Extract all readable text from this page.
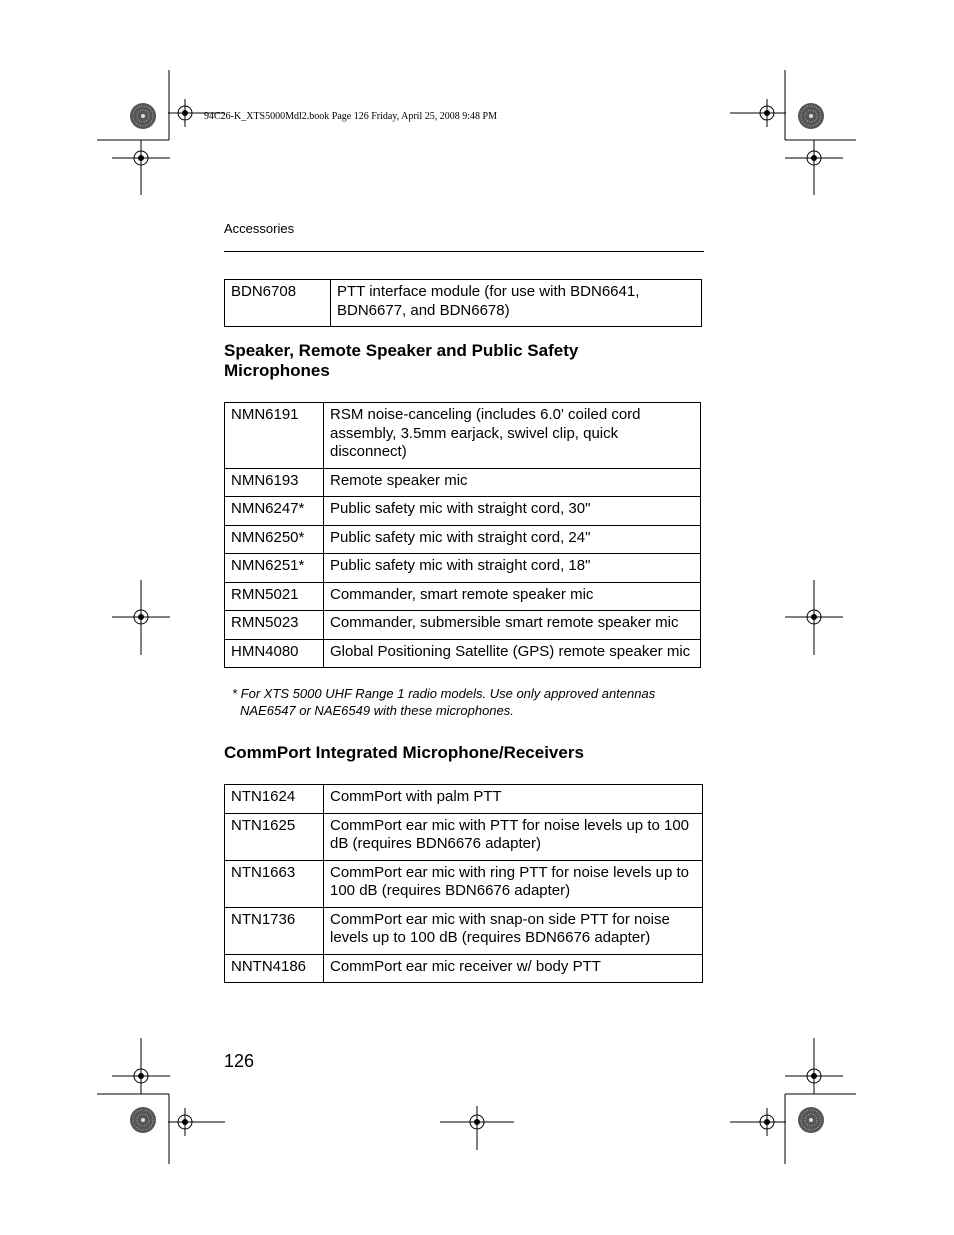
94C26-K_XTS5000Mdl2.book Page 126 Friday, April 25, 2008 9:48 PM
Accessories
BDN6708	PTT interface module (for use with BDN6641, BDN6677, and BDN6678)
Speaker, Remote Speaker and Public Safety Microphones
NMN6191	RSM noise-canceling (includes 6.0' coiled cord assembly, 3.5mm earjack, swivel clip, quick disconnect)
NMN6193	Remote speaker mic
NMN6247*	Public safety mic with straight cord, 30"
NMN6250*	Public safety mic with straight cord, 24"
NMN6251*	Public safety mic with straight cord, 18"
RMN5021	Commander, smart remote speaker mic
RMN5023	Commander, submersible smart remote speaker mic
HMN4080	Global Positioning Satellite (GPS) remote speaker mic
* For XTS 5000 UHF Range 1 radio models. Use only approved antennas
NAE6547 or NAE6549 with these microphones.
CommPort Integrated Microphone/Receivers
NTN1624	CommPort with palm PTT
NTN1625	CommPort ear mic with PTT for noise levels up to 100 dB (requires BDN6676 adapter)
NTN1663	CommPort ear mic with ring PTT for noise levels up to 100 dB (requires BDN6676 adapter)
NTN1736	CommPort ear mic with snap-on side PTT for noise levels up to 100 dB (requires BDN6676 adapter)
NNTN4186	CommPort ear mic receiver w/ body PTT
126
